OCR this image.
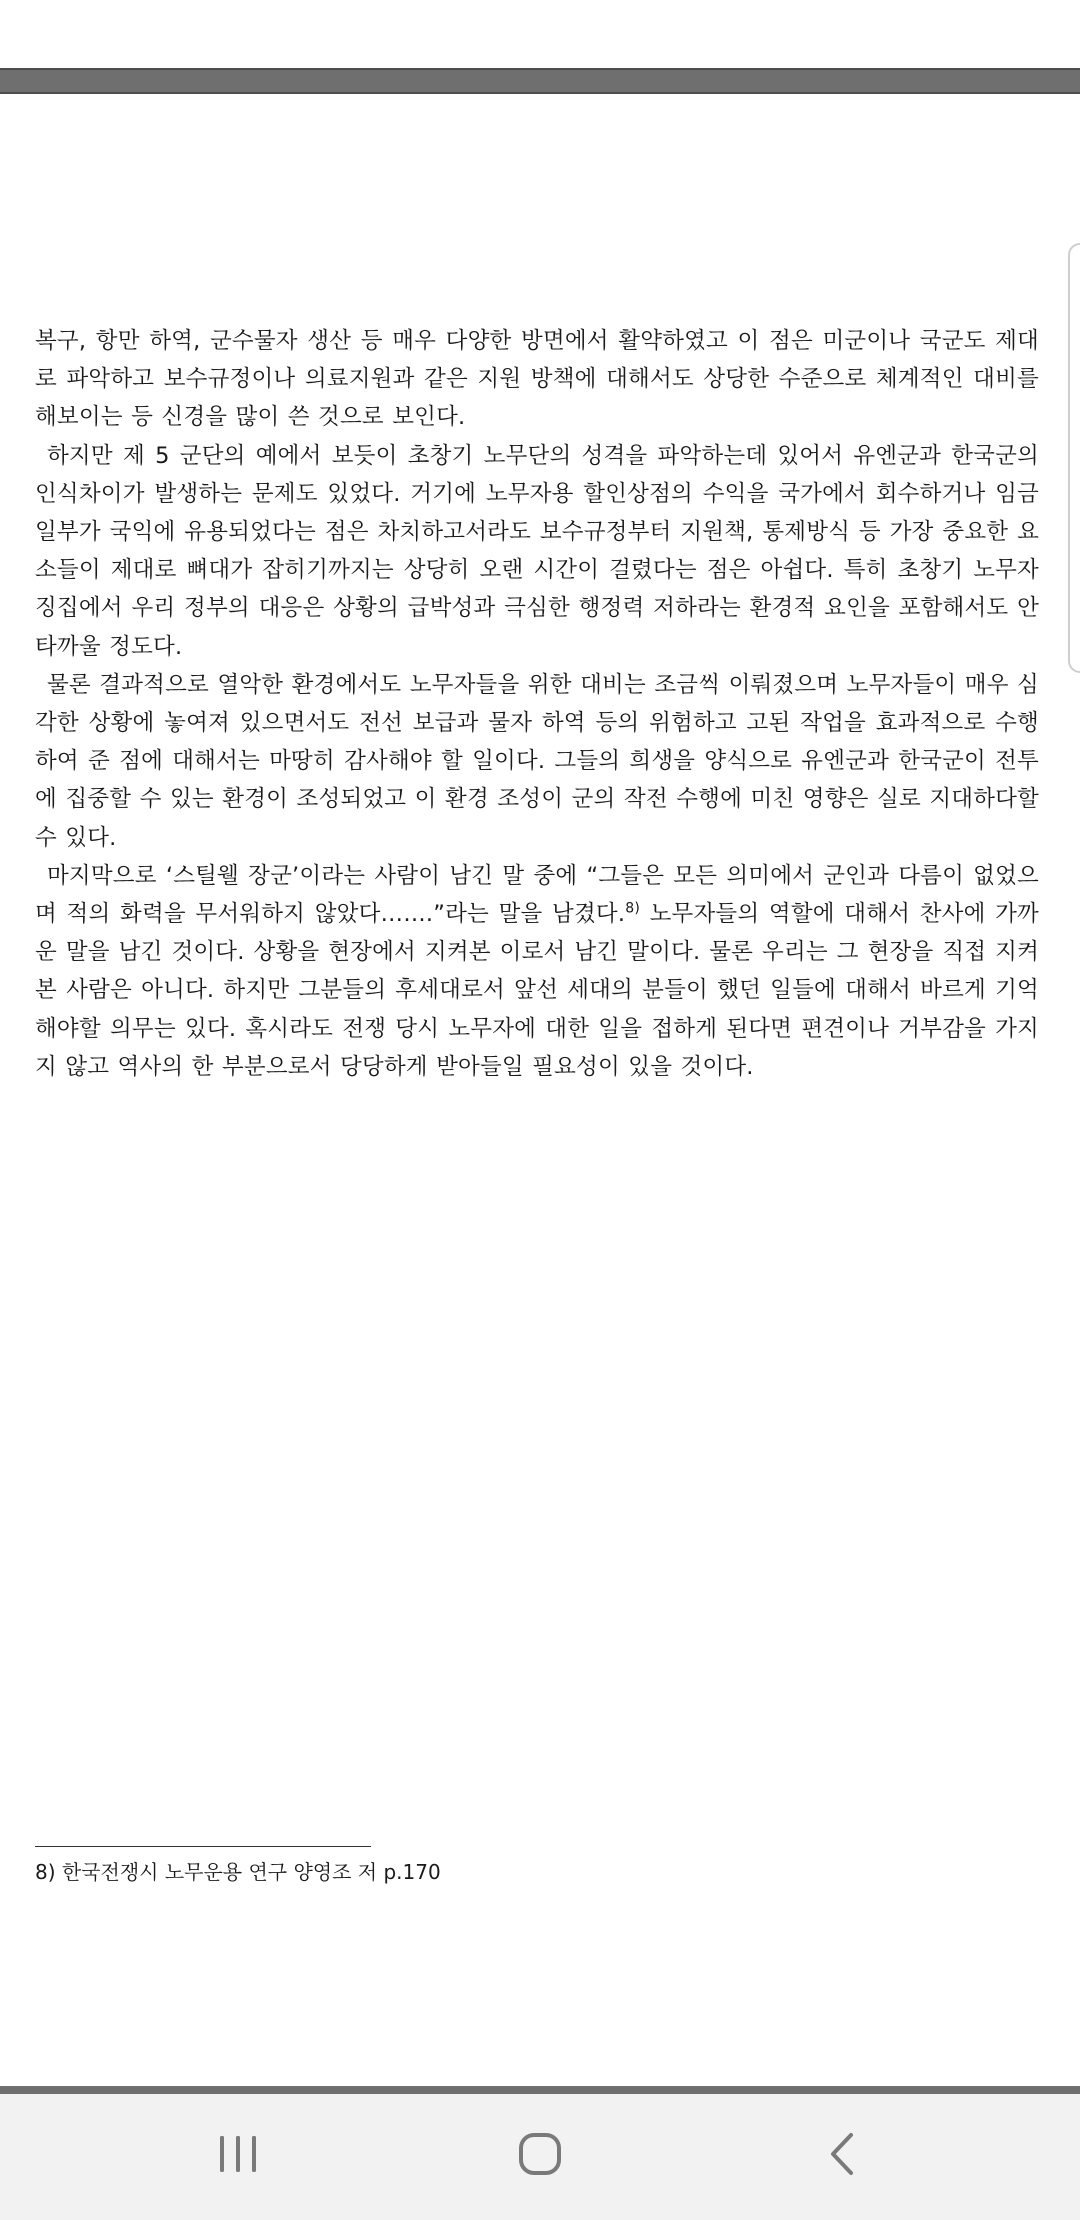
복구, 항만 하역, 군수물자 생산 등 매우 다양한 방면에서 활약하였고 이 점은 미군이나 국군도 제대로 파악하고 보수규정이나 의료지원과 같은 지원 방책에 대해서도 상당한 수준으로 체계적인 대비를 해보이는 등 신경을 많이 쓴 것으로 보인다.

하지만 제 5 군단의 예에서 보듯이 초창기 노무단의 성격을 파악하는데 있어서 유엔군과 한국군의 인식차이가 발생하는 문제도 있었다. 거기에 노무자용 할인상점의 수익을 국가에서 회수하거나 임금 일부가 국익에 유용되었다는 점은 차치하고서라도 보수규정부터 지원책, 통제방식 등 가장 중요한 요소들이 제대로 뼈대가 잡히기까지는 상당히 오랜 시간이 걸렸다는 점은 아쉽다. 특히 초창기 노무자 징집에서 우리 정부의 대응은 상황의 급박성과 극심한 행정력 저하라는 환경적 요인을 포함해서도 안타까울 정도다.

물론 결과적으로 열악한 환경에서도 노무자들을 위한 대비는 조금씩 이뤄졌으며 노무자들이 매우 심각한 상황에 놓여져 있으면서도 전선 보급과 물자 하역 등의 위험하고 고된 작업을 효과적으로 수행하여 준 점에 대해서는 마땅히 감사해야 할 일이다. 그들의 희생을 양식으로 유엔군과 한국군이 전투에 집중할 수 있는 환경이 조성되었고 이 환경 조성이 군의 작전 수행에 미친 영향은 실로 지대하다할 수 있다.

마지막으로 ‘스틸웰 장군’이라는 사람이 남긴 말 중에 “그들은 모든 의미에서 군인과 다름이 없었으며 적의 화력을 무서워하지 않았다…….”라는 말을 남겼다.$^{8)}$ 노무자들의 역할에 대해서 찬사에 가까운 말을 남긴 것이다. 상황을 현장에서 지켜본 이로서 남긴 말이다. 물론 우리는 그 현장을 직접 지켜본 사람은 아니다. 하지만 그분들의 후세대로서 앞선 세대의 분들이 했던 일들에 대해서 바르게 기억해야할 의무는 있다. 혹시라도 전쟁 당시 노무자에 대한 일을 접하게 된다면 편견이나 거부감을 가지지 않고 역사의 한 부분으로서 당당하게 받아들일 필요성이 있을 것이다.

8) 한국전쟁시 노무운용 연구 양영조 저 p.170
